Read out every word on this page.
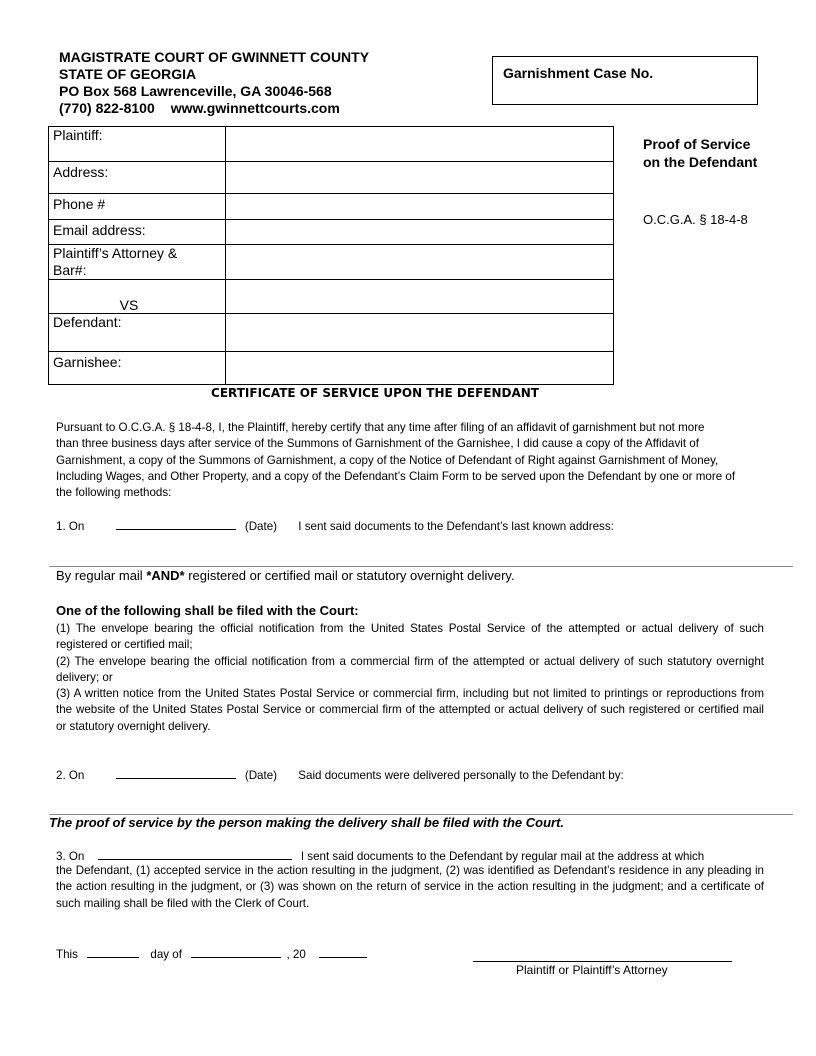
MAGISTRATE COURT OF GWINNETT COUNTY
STATE OF GEORGIA
PO Box 568 Lawrenceville, GA 30046-568
(770) 822-8100 www.gwinnettcourts.com
Garnishment Case No.
Plaintiff:	
Address:	
Phone #	
Email address:	

Plaintiff’s Attorney &
Bar#:	

VS	
Defendant:	
Garnishee:	
Proof of Service
on the Defendant
O.C.G.A. § 18-4-8
CERTIFICATE OF SERVICE UPON THE DEFENDANT
Pursuant to O.C.G.A. § 18-4-8, I, the Plaintiff, hereby certify that any time after filing of an affidavit of garnishment but not more
than three business days after service of the Summons of Garnishment of the Garnishee, I did cause a copy of the Affidavit of
Garnishment, a copy of the Summons of Garnishment, a copy of the Notice of Defendant of Right against Garnishment of Money,
Including Wages, and Other Property, and a copy of the Defendant’s Claim Form to be served upon the Defendant by one or more of
the following methods:
1. On	(Date) I sent said documents to the Defendant’s last known address:
By regular mail *AND* registered or certified mail or statutory overnight delivery.
One of the following shall be filed with the Court:

(1) The envelope bearing the official notification from the United States Postal Service of the attempted or actual delivery of such registered or certified mail;

(2) The envelope bearing the official notification from a commercial firm of the attempted or actual delivery of such statutory overnight delivery; or

(3) A written notice from the United States Postal Service or commercial firm, including but not limited to printings or reproductions from the website of the United States Postal Service or commercial firm of the attempted or actual delivery of such registered or certified mail or statutory overnight delivery.

2. On	(Date) Said documents were delivered personally to the Defendant by:
The proof of service by the person making the delivery shall be filed with the Court.
3. On	I sent said documents to the Defendant by regular mail at the address at which
the Defendant, (1) accepted service in the action resulting in the judgment, (2) was identified as Defendant’s residence in any pleading in the action resulting in the judgment, or (3) was shown on the return of service in the action resulting in the judgment; and a certificate of such mailing shall be filed with the Clerk of Court.
This	day of	, 20
Plaintiff or Plaintiff’s Attorney
